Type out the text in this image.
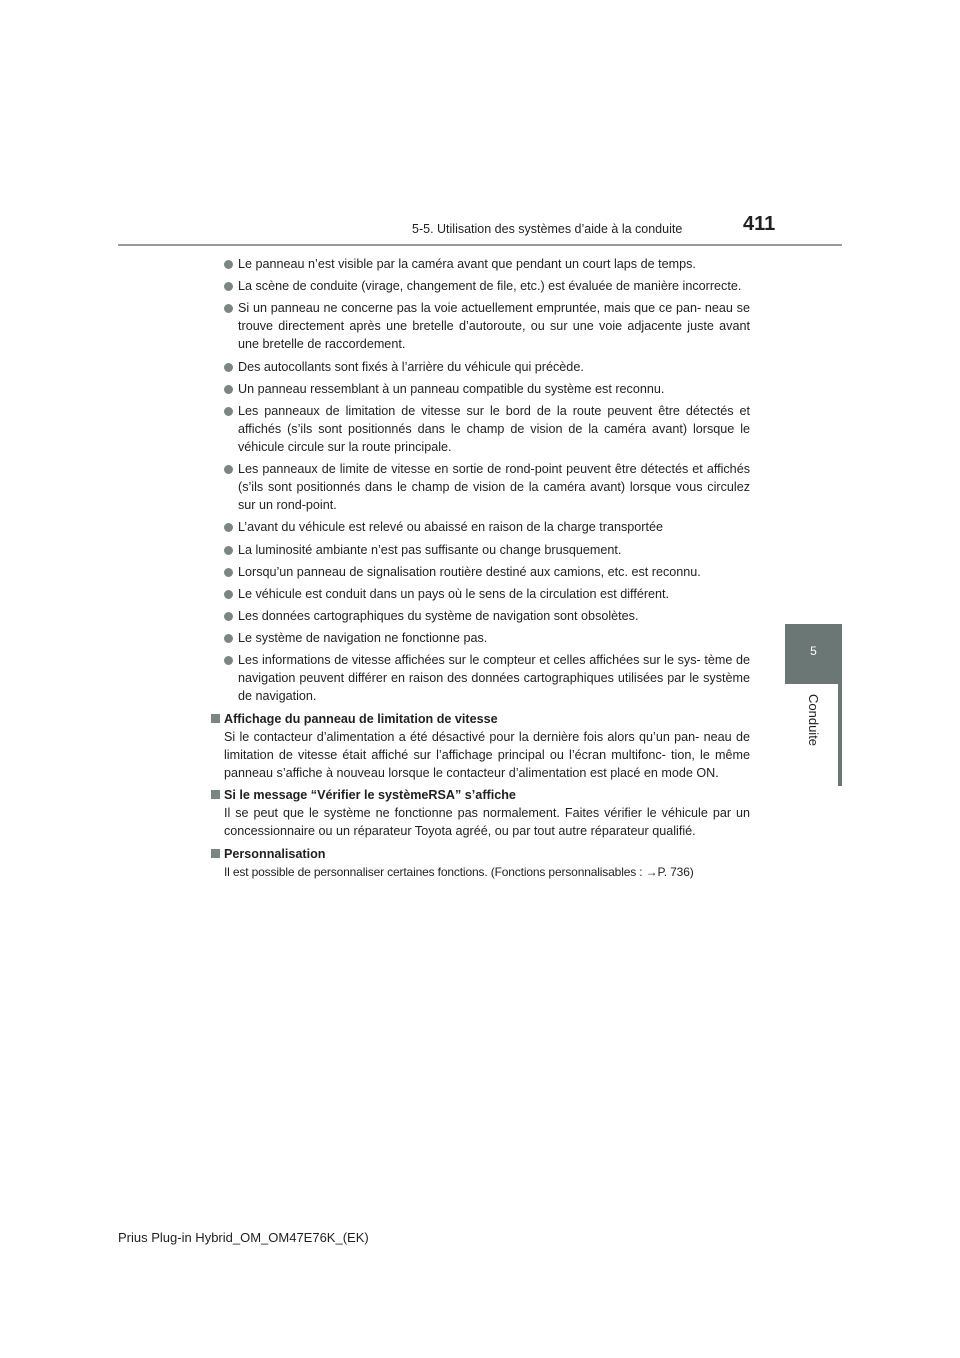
5-5. Utilisation des systèmes d’aide à la conduite	411
5
Conduite
Le panneau n’est visible par la caméra avant que pendant un court laps de temps.
La scène de conduite (virage, changement de file, etc.) est évaluée de manière incorrecte.
Si un panneau ne concerne pas la voie actuellement empruntée, mais que ce pan- neau se trouve directement après une bretelle d’autoroute, ou sur une voie adjacente juste avant une bretelle de raccordement.
Des autocollants sont fixés à l’arrière du véhicule qui précède.
Un panneau ressemblant à un panneau compatible du système est reconnu.
Les panneaux de limitation de vitesse sur le bord de la route peuvent être détectés et affichés (s’ils sont positionnés dans le champ de vision de la caméra avant) lorsque le véhicule circule sur la route principale.
Les panneaux de limite de vitesse en sortie de rond-point peuvent être détectés et affichés (s’ils sont positionnés dans le champ de vision de la caméra avant) lorsque vous circulez sur un rond-point.
L’avant du véhicule est relevé ou abaissé en raison de la charge transportée
La luminosité ambiante n’est pas suffisante ou change brusquement.
Lorsqu’un panneau de signalisation routière destiné aux camions, etc. est reconnu.
Le véhicule est conduit dans un pays où le sens de la circulation est différent.
Les données cartographiques du système de navigation sont obsolètes.
Le système de navigation ne fonctionne pas.
Les informations de vitesse affichées sur le compteur et celles affichées sur le sys- tème de navigation peuvent différer en raison des données cartographiques utilisées par le système de navigation.
Affichage du panneau de limitation de vitesse
Si le contacteur d’alimentation a été désactivé pour la dernière fois alors qu’un pan- neau de limitation de vitesse était affiché sur l’affichage principal ou l’écran multifonc- tion, le même panneau s’affiche à nouveau lorsque le contacteur d’alimentation est placé en mode ON.
Si le message “Vérifier le systèmeRSA” s’affiche
Il se peut que le système ne fonctionne pas normalement. Faites vérifier le véhicule par un concessionnaire ou un réparateur Toyota agréé, ou par tout autre réparateur qualifié.
Personnalisation
Il est possible de personnaliser certaines fonctions. (Fonctions personnalisables : →P. 736)
Prius Plug-in Hybrid_OM_OM47E76K_(EK)
